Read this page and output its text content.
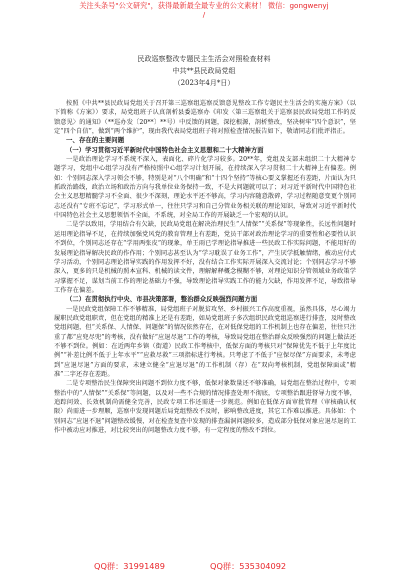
关注头条号"公文研究"，获得最新最全最专业的公文素材！ 微信：gongwenyj
/
民政巡察整改专题民主生活会对照检查材料
中共**县民政局党组
（2023年4月*日）

按照《中共**县民政局党组关于召开第三巡察组巡察反馈意见整改工作专题民主生活会的实施方案》（以下简称《方案》）要求，局党组班子认真剖析县委巡察办《印发〈第三巡察组关于巡察县民政局党组工作的反馈意见〉的通知》（**巡办发〔20**〕**号）中反馈的问题，深挖根源，剖析整改，坚决树牢“四个意识”，坚定“四个自信”，做到“两个维护”，现由我代表局党组班子将对照检查情况报告如下，敬请同志们批评指正。

一、存在的主要问题
（一）学习贯彻习近平新时代中国特色社会主义思想和二十大精神方面

一是政治理论学习不系统不深入，表面化、碎片化学习较多。20**年，党组及支部未组织二十大精神专题学习，党组中心组学习没有严格按照中心组学习计划开展，在持续深入学习贯彻二十大精神上有偏差。例如：个别同志深入学习领会不够，特别是对“八个明确”和“十四个坚持”等核心要义掌握还有差距，片面认为只抓政治路线，政治立场和政治方向与我单位业务保持一致，不是大问题就可以了；对习近平新时代中国特色社会主义思想精髓学习不全面、很少不深刻，理论水平还不够高，学习内容随意散碎，学习过程随意变更个别同志还没有“专班不忘记”，学习形式单一，往往只学习和自己分管业务相关联的理论知识，导致对习近平新时代中国特色社会主义思想领悟不全面，不系统，对全局工作的开展缺乏一个宏观的认识。

二是学以致用，学用结合有欠缺，民政局党组在解决治理民生“人情保”“关系保”等现象性，长远性问题时运用理论指导不足，在持续加强党风党的教育管理上有差距，党员干部对政治理论学习的重要性和必要性认识不到位，个别同志还存在“学用两张皮”的现象，单王雨已学理论指导推进一些民政工作实际问题，不能用好的发展理论指导解决民政的作作用；个别同志甚至认为“学习耽误了业务工作”，产生厌学抵触情绪，被动应付式学习活动，个别同志理论指导实践的作用发挥不好，没有结合工作实际开展深入交流讨论；个别同志学习不够深入，更多的只是机械的照本宣科、机械的读文件，理解解释概念模糊不够，对理论知识分管领域业务政策学习掌握不足，谋划当前工作的理论基础力不强，导致理论指导实践工作的能力欠缺，作用发挥不足，导致指导工作存在偏差。

（二）在贯彻执行中央、市县决策部署，整治群众反映强烈问题方面

一是民政党组保障工作不够精准，局党组班子对脱贫攻坚、乡村振兴工作高度重视，虽然具体，尽心竭力履职民政党组职责，但在党组的精准上还是有差距，如局党组班子多次组织民政党组巡察进行排查，及时整改党组问题，但“关系保、人情保、问题保”的情况依然存在，在对低保党组的工作机制上也存在偏差，往往只注重了都“应兜尽兜”的考核，没有做好“应退尽退”工作的考核，导致局党组在整治群众反映强烈的问题上做法还不够不到位。例如：在近两年乡镇（街道）民政工作考核中，低保方面的考核只对“保障优先不低于上年度比例”“补差比例不低于上年水平”“应救尽救”三项指标进行考核。只考虑了不低于“应保尽保”方面要求，未考虑到“应退尽退”方面的要求，未建立健全“应退尽退”的工作机制（存）在“双向考核机制，党组保障面或“精准”二字还存在差距。

二是专项整治民生保障突出问题不到位力度不够，低保对象数量还不够准确，局党组在整治过程中，专项整治中的“人情保”“关系保”等问题，以及对一些不合规的情况排查处理不彻底，专项整治跟进督导力度不够，追踪问效、长效机制尚需健全完善，民政专项工作还需进一步规范。例如在低保方面审批管理（审核确认权限）尚需进一步理顺，巡察中发现问题后局党组整改不及时，影响整改进度，其它工作难以推进。具体如：个别同志“应退不退”问题整改缓慢，对在检查复查中发现的排查漏洞问题较多，造成部分低保对象应退尽退的工作中被动应对推进，对比较突出的问题整改力度不够，有一定程度的整改不到位。

QQ群：31991489	QQ群：535304092
